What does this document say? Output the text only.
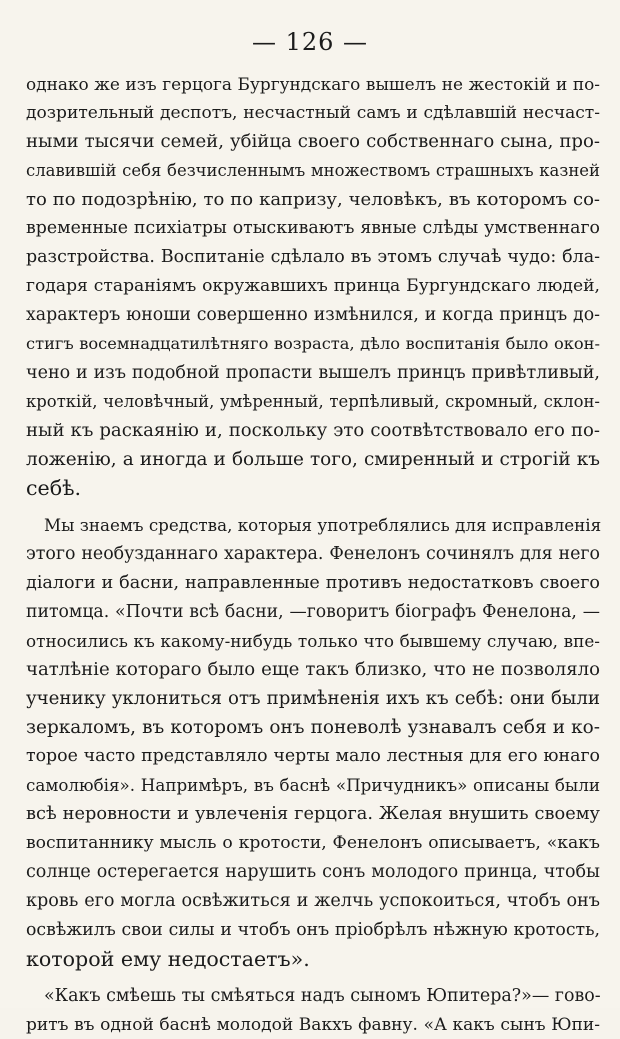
— 126 —
однако же изъ герцога Бургундскаго вышелъ не жестокій и по-
дозрительный деспотъ, несчастный самъ и сдѣлавшій несчаст-
ными тысячи семей, убійца своего собственнаго сына, про-
славившій себя безчисленнымъ множествомъ страшныхъ казней
то по подозрѣнію, то по капризу, человѣкъ, въ которомъ со-
временные психіатры отыскиваютъ явные слѣды умственнаго
разстройства. Воспитаніе сдѣлало въ этомъ случаѣ чудо: бла-
годаря стараніямъ окружавшихъ принца Бургундскаго людей,
характеръ юноши совершенно измѣнился, и когда принцъ до-
стигъ восемнадцатилѣтняго возраста, дѣло воспитанія было окон-
чено и изъ подобной пропасти вышелъ принцъ привѣтливый,
кроткій, человѣчный, умѣренный, терпѣливый, скромный, склон-
ный къ раскаянію и, поскольку это соотвѣтствовало его по-
ложенію, а иногда и больше того, смиренный и строгій къ
себѣ.
Мы знаемъ средства, которыя употреблялись для исправленія
этого необузданнаго характера. Фенелонъ сочинялъ для него
діалоги и басни, направленные противъ недостатковъ своего
питомца. «Почти всѣ басни, —говоритъ біографъ Фенелона, —
относились къ какому-нибудь только что бывшему случаю, впе-
чатлѣніе котораго было еще такъ близко, что не позволяло
ученику уклониться отъ примѣненія ихъ къ себѣ: они были
зеркаломъ, въ которомъ онъ поневолѣ узнавалъ себя и ко-
торое часто представляло черты мало лестныя для его юнаго
самолюбія». Напримѣръ, въ баснѣ «Причудникъ» описаны были
всѣ неровности и увлеченія герцога. Желая внушить своему
воспитаннику мысль о кротости, Фенелонъ описываетъ, «какъ
солнце остерегается нарушить сонъ молодого принца, чтобы
кровь его могла освѣжиться и желчь успокоиться, чтобъ онъ
освѣжилъ свои силы и чтобъ онъ пріобрѣлъ нѣжную кротость,
которой ему недостаетъ».
«Какъ смѣешь ты смѣяться надъ сыномъ Юпитера?»— гово-
ритъ въ одной баснѣ молодой Вакхъ фавну. «А какъ сынъ Юпи-
